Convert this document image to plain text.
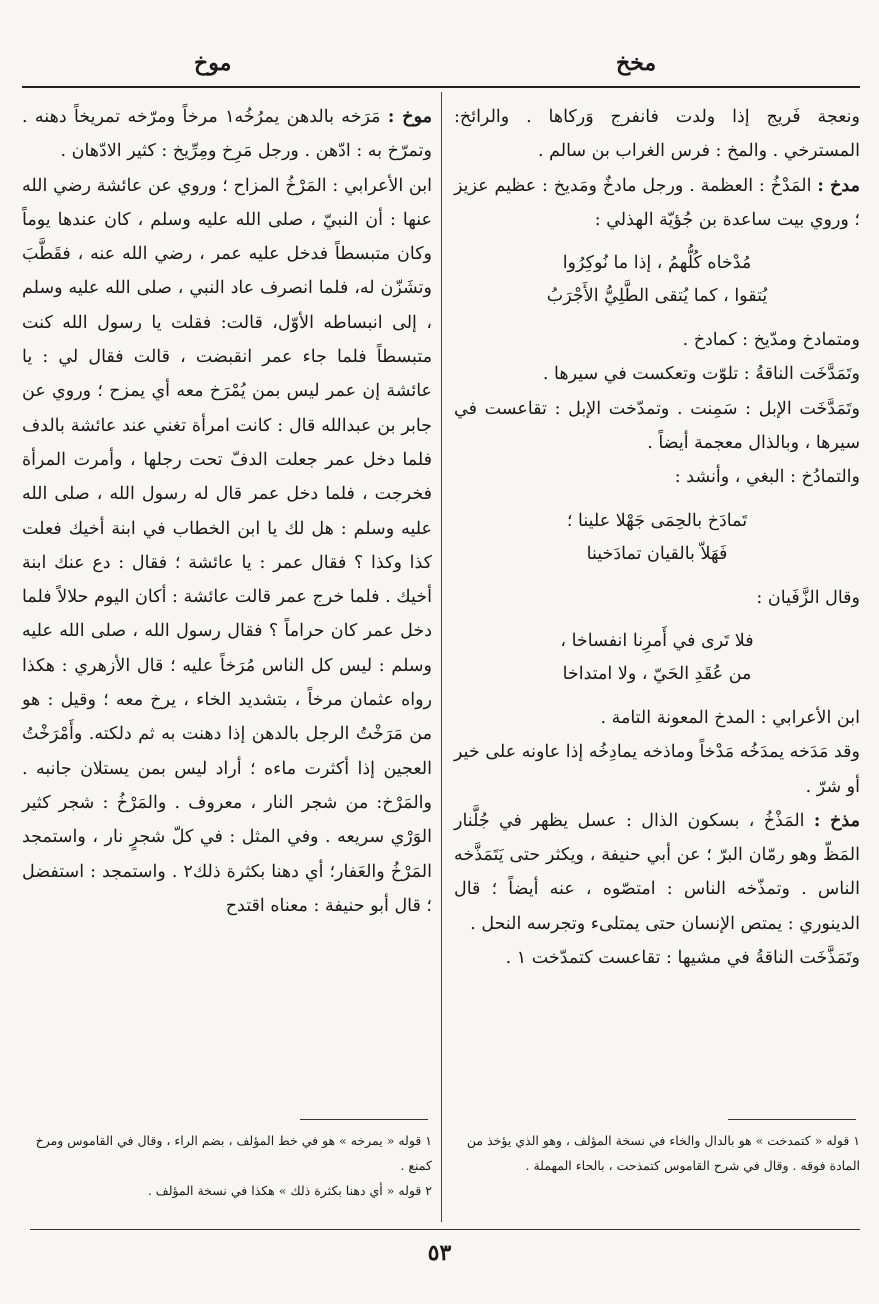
مخخ
موخ

ونعجة فَريج إذا ولدت فانفرج وَركاها . والرائخ: المسترخي . والمخ : فرس الغراب بن سالم .

مدخ : المَدْخُ : العظمة . ورجل مادخٌ ومَديخ : عظيم عزيز ؛ وروي بيت ساعدة بن جُؤيّة الهذلي :

مُدْخاه كُلُّهمُ ، إذا ما نُوكِرُوا
يُتقوا ، كما يُتقى الطَّلِيُّ الأَجْرَبُ

ومتمادخ ومدّيخ : كمادخ .

وتَمَدَّخَت الناقةُ : تلوّت وتعكست في سيرها .

وتَمَدَّخَت الإبل : سَمِنت . وتمدّخت الإبل : تقاعست في سيرها ، وبالذال معجمة أيضاً .

والتمادُخ : البغي ، وأنشد :

تَمادَخ بالحِمَى جَهْلا علينا ؛
فَهَلاّ بالقيان تمادَخينا

وقال الزَّفَيان :

فلا تَرى في أَمرِنا انفساخا ،
من عُقَدِ الحَيّ ، ولا امتداخا

ابن الأعرابي : المدخ المعونة التامة .

وقد مَدَخه يمدَخُه مَدْخاً وماذخه يمادِخُه إذا عاونه على خير أو شرّ .

مذخ : المَذْخُ ، بسكون الذال : عسل يظهر في جُلَّنار المَظّ وهو رمّان البرّ ؛ عن أبي حنيفة ، ويكثر حتى يَتَمَذَّخه الناس . وتمذّخه الناس : امتصّوه ، عنه أيضاً ؛ قال الدينوري : يمتص الإنسان حتى يمتلىء وتجرسه النحل .

وتَمَذَّخَت الناقةُ في مشيها : تقاعست كتمدّخت ١ .

موخ : مَرَخه بالدهن يمرُخُه١ مرخاً ومرّخه تمريخاً دهنه . وتمرّخ به : ادّهن . ورجل مَرِخ ومِرِّيخ : كثير الادّهان .

ابن الأعرابي : المَرْخُ المزاح ؛ وروي عن عائشة رضي الله عنها : أن النبيّ ، صلى الله عليه وسلم ، كان عندها يوماً وكان متبسطاً فدخل عليه عمر ، رضي الله عنه ، فقَطَّبَ وتشَزّن له، فلما انصرف عاد النبي ، صلى الله عليه وسلم ، إلى انبساطه الأوّل، قالت: فقلت يا رسول الله كنت متبسطاً فلما جاء عمر انقبضت ، قالت فقال لي : يا عائشة إن عمر ليس بمن يُمْرَخ معه أي يمزح ؛ وروي عن جابر بن عبدالله قال : كانت امرأة تغني عند عائشة بالدف فلما دخل عمر جعلت الدفّ تحت رجلها ، وأمرت المرأة فخرجت ، فلما دخل عمر قال له رسول الله ، صلى الله عليه وسلم : هل لك يا ابن الخطاب في ابنة أخيك فعلت كذا وكذا ؟ فقال عمر : يا عائشة ؛ فقال : دع عنك ابنة أخيك . فلما خرج عمر قالت عائشة : أكان اليوم حلالاً فلما دخل عمر كان حراماً ؟ فقال رسول الله ، صلى الله عليه وسلم : ليس كل الناس مُرَخاً عليه ؛ قال الأزهري : هكذا رواه عثمان مرخاً ، بتشديد الخاء ، يرخ معه ؛ وقيل : هو من مَرَخْتُ الرجل بالدهن إذا دهنت به ثم دلكته. وأَمْرَخْتُ العجين إذا أكثرت ماءه ؛ أراد ليس بمن يستلان جانبه . والمَرْخ: من شجر النار ، معروف . والمَرْخُ : شجر كثير الوَرْي سريعه . وفي المثل : في كلّ شجرٍ نار ، واستمجد المَرْخُ والعَفار؛ أي دهنا بكثرة ذلك٢ . واستمجد : استفضل ؛ قال أبو حنيفة : معناه اقتدح

١ قوله « كتمدخت » هو بالدال والخاء في نسخة المؤلف ، وهو الذي يؤخذ من المادة فوقه . وقال في شرح القاموس كتمذحت ، بالحاء المهملة .

١ قوله « يمرخه » هو في خط المؤلف ، بضم الراء ، وقال في القاموس ومرخ كمنع .

٢ قوله « أي دهنا بكثرة ذلك » هكذا في نسخة المؤلف .

٥٣
